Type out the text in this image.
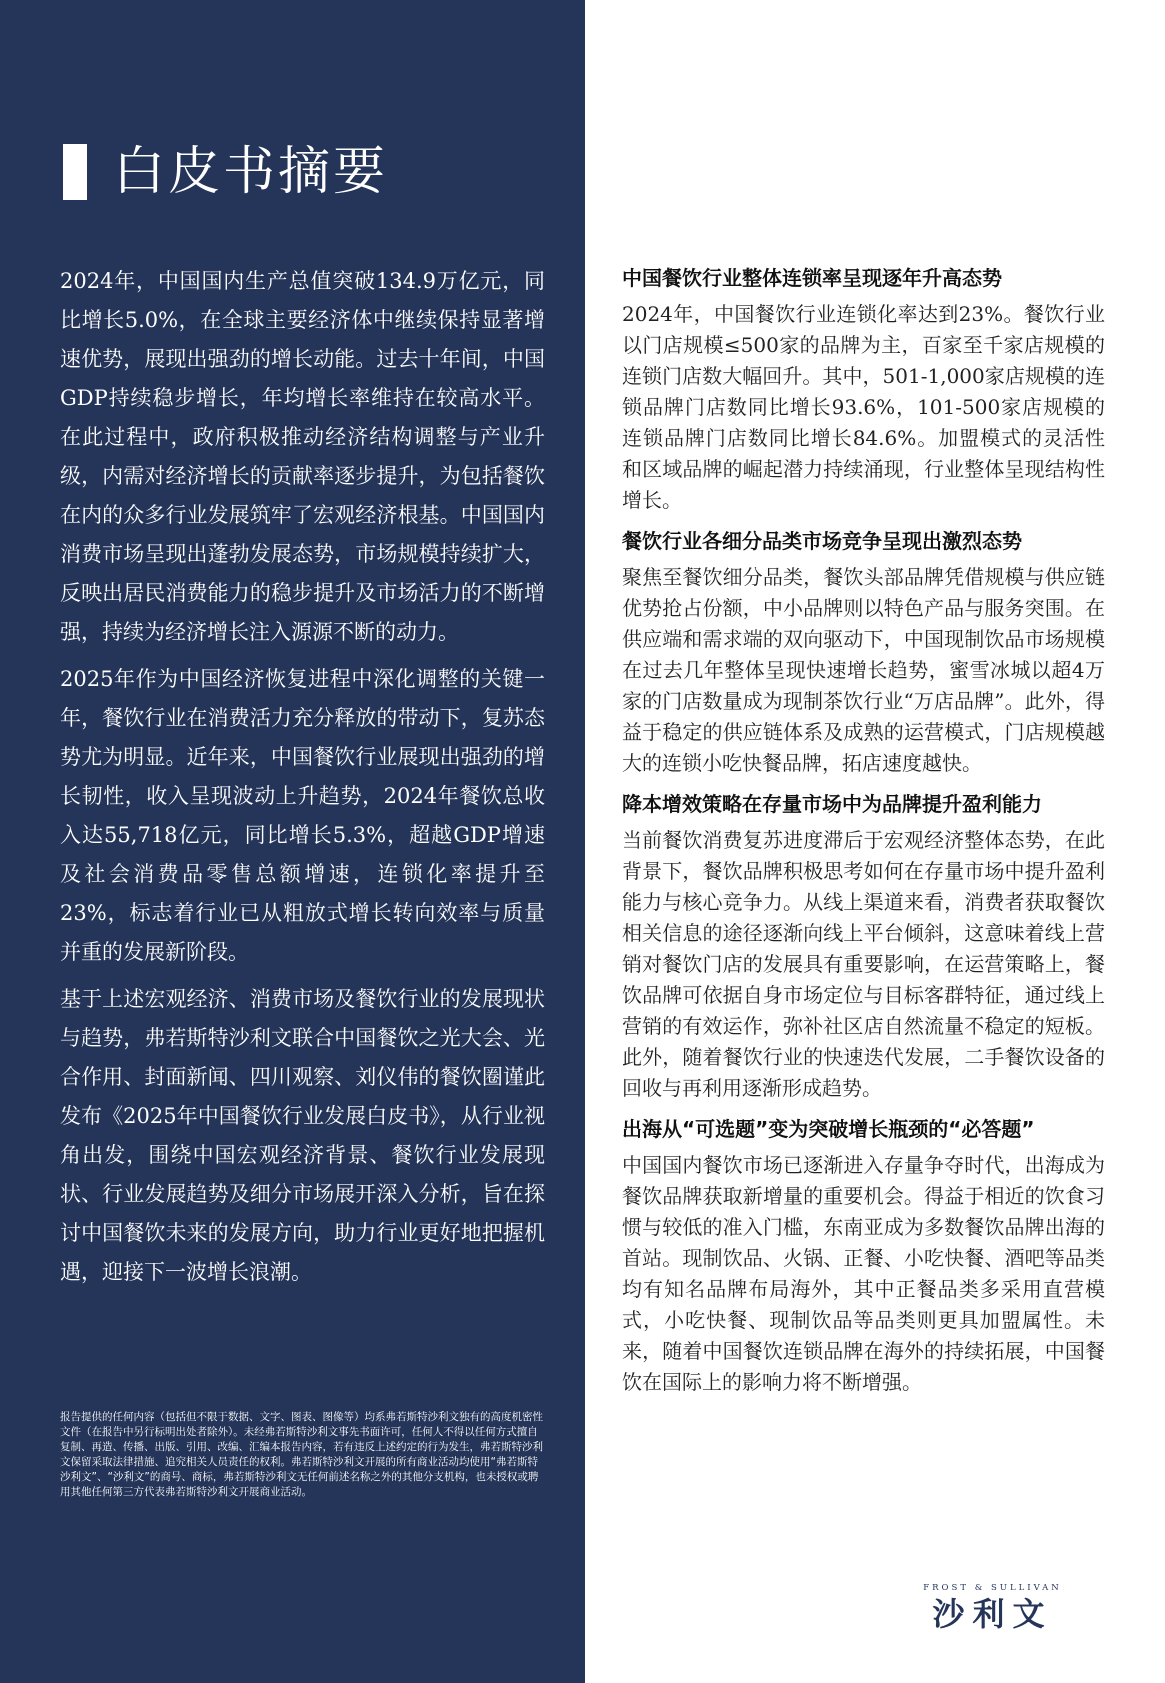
白皮书摘要

2024年，中国国内生产总值突破134.9万亿元，同比增长5.0%，在全球主要经济体中继续保持显著增速优势，展现出强劲的增长动能。过去十年间，中国GDP持续稳步增长，年均增长率维持在较高水平。在此过程中，政府积极推动经济结构调整与产业升级，内需对经济增长的贡献率逐步提升，为包括餐饮在内的众多行业发展筑牢了宏观经济根基。中国国内消费市场呈现出蓬勃发展态势，市场规模持续扩大，反映出居民消费能力的稳步提升及市场活力的不断增强，持续为经济增长注入源源不断的动力。

2025年作为中国经济恢复进程中深化调整的关键一年，餐饮行业在消费活力充分释放的带动下，复苏态势尤为明显。近年来，中国餐饮行业展现出强劲的增长韧性，收入呈现波动上升趋势，2024年餐饮总收入达55,718亿元，同比增长5.3%，超越GDP增速及社会消费品零售总额增速，连锁化率提升至23%，标志着行业已从粗放式增长转向效率与质量并重的发展新阶段。

基于上述宏观经济、消费市场及餐饮行业的发展现状与趋势，弗若斯特沙利文联合中国餐饮之光大会、光合作用、封面新闻、四川观察、刘仪伟的餐饮圈谨此发布《2025年中国餐饮行业发展白皮书》，从行业视角出发，围绕中国宏观经济背景、餐饮行业发展现状、行业发展趋势及细分市场展开深入分析，旨在探讨中国餐饮未来的发展方向，助力行业更好地把握机遇，迎接下一波增长浪潮。

报告提供的任何内容（包括但不限于数据、文字、图表、图像等）均系弗若斯特沙利文独有的高度机密性文件（在报告中另行标明出处者除外）。未经弗若斯特沙利文事先书面许可，任何人不得以任何方式擅自复制、再造、传播、出版、引用、改编、汇编本报告内容，若有违反上述约定的行为发生，弗若斯特沙利文保留采取法律措施、追究相关人员责任的权利。弗若斯特沙利文开展的所有商业活动均使用“弗若斯特沙利文”、“沙利文”的商号、商标，弗若斯特沙利文无任何前述名称之外的其他分支机构，也未授权或聘用其他任何第三方代表弗若斯特沙利文开展商业活动。
中国餐饮行业整体连锁率呈现逐年升高态势
2024年，中国餐饮行业连锁化率达到23%。餐饮行业以门店规模≤500家的品牌为主，百家至千家店规模的连锁门店数大幅回升。其中，501-1,000家店规模的连锁品牌门店数同比增长93.6%，101-500家店规模的连锁品牌门店数同比增长84.6%。加盟模式的灵活性和区域品牌的崛起潜力持续涌现，行业整体呈现结构性增长。
餐饮行业各细分品类市场竞争呈现出激烈态势
聚焦至餐饮细分品类，餐饮头部品牌凭借规模与供应链优势抢占份额，中小品牌则以特色产品与服务突围。在供应端和需求端的双向驱动下，中国现制饮品市场规模在过去几年整体呈现快速增长趋势，蜜雪冰城以超4万家的门店数量成为现制茶饮行业“万店品牌”。此外，得益于稳定的供应链体系及成熟的运营模式，门店规模越大的连锁小吃快餐品牌，拓店速度越快。
降本增效策略在存量市场中为品牌提升盈利能力
当前餐饮消费复苏进度滞后于宏观经济整体态势，在此背景下，餐饮品牌积极思考如何在存量市场中提升盈利能力与核心竞争力。从线上渠道来看，消费者获取餐饮相关信息的途径逐渐向线上平台倾斜，这意味着线上营销对餐饮门店的发展具有重要影响，在运营策略上，餐饮品牌可依据自身市场定位与目标客群特征，通过线上营销的有效运作，弥补社区店自然流量不稳定的短板。此外，随着餐饮行业的快速迭代发展，二手餐饮设备的回收与再利用逐渐形成趋势。
出海从“可选题”变为突破增长瓶颈的“必答题”
中国国内餐饮市场已逐渐进入存量争夺时代，出海成为餐饮品牌获取新增量的重要机会。得益于相近的饮食习惯与较低的准入门槛，东南亚成为多数餐饮品牌出海的首站。现制饮品、火锅、正餐、小吃快餐、酒吧等品类均有知名品牌布局海外，其中正餐品类多采用直营模式，小吃快餐、现制饮品等品类则更具加盟属性。未来，随着中国餐饮连锁品牌在海外的持续拓展，中国餐饮在国际上的影响力将不断增强。
FROST & SULLIVAN
沙利文
